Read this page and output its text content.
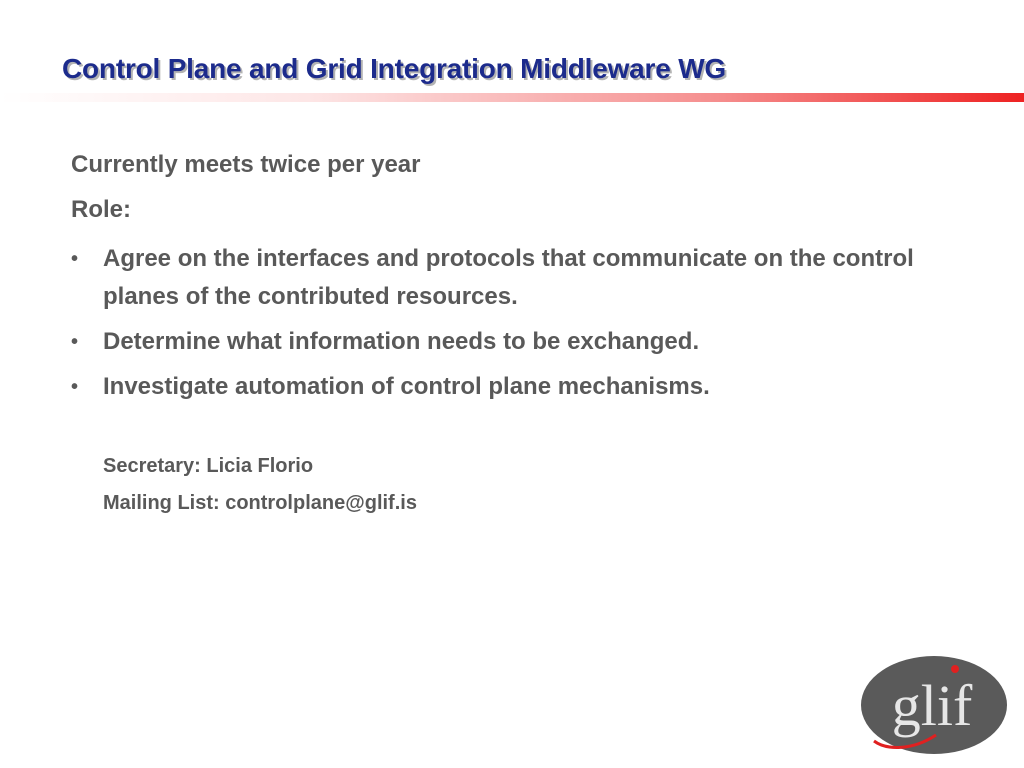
Control Plane and Grid Integration Middleware WG
Currently meets twice per year
Role:
• Agree on the interfaces and protocols that communicate on the control planes of the contributed resources.
• Determine what information needs to be exchanged.
• Investigate automation of control plane mechanisms.
Secretary: Licia Florio
Mailing List: controlplane@glif.is
glif
